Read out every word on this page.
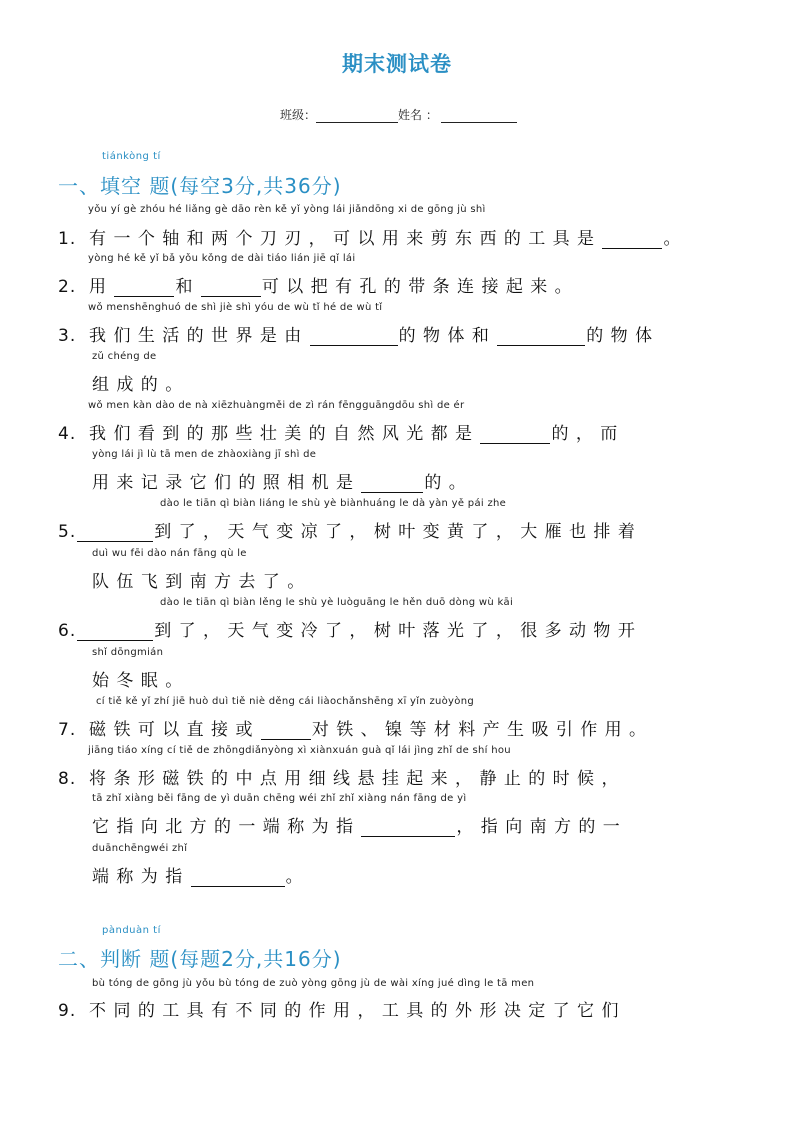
期末测试卷
班级：	姓名 ：
tiánkòng tí
一、填空 题(每空3分,共36分)
yǒu yí gè zhóu hé liǎng gè dāo rèn kě yǐ yòng lái jiǎndōng xi de gōng jù shì
1. 有一个轴和两个刀刃，可以用来剪东西的工具是	。
yòng hé kě yǐ bǎ yǒu kǒng de dài tiáo lián jiē qǐ lái
2. 用	和	可以把有孔的带条连接起来。
wǒ menshēnghuó de shì jiè shì yóu de wù tǐ hé de wù tǐ
3. 我们生活的世界是由	的物体和	的物体
zǔ chéng de
组成的。
wǒ men kàn dào de nà xiēzhuàngměi de zì rán fēngguāngdōu shì de ér
4. 我们看到的那些壮美的自然风光都是	的，而
yòng lái jì lù tā men de zhàoxiàng jī shì de
用来记录它们的照相机是	的。
dào le tiān qì biàn liáng le shù yè biànhuáng le dà yàn yě pái zhe
5.	到了，天气变凉了，树叶变黄了，大雁也排着
duì wu fēi dào nán fāng qù le
队伍飞到南方去了。
dào le tiān qì biàn lěng le shù yè luòguāng le hěn duō dòng wù kāi
6.	到了，天气变冷了，树叶落光了，很多动物开
shǐ dōngmián
始冬眠。
cí tiě kě yǐ zhí jiē huò duì tiě niè děng cái liàochǎnshēng xī yǐn zuòyòng
7. 磁铁可以直接或	对铁、镍等材料产生吸引作用。
jiāng tiáo xíng cí tiě de zhōngdiǎnyòng xì xiànxuán guà qǐ lái jìng zhǐ de shí hou
8. 将条形磁铁的中点用细线悬挂起来，静止的时候，
tā zhǐ xiàng běi fāng de yì duān chēng wéi zhǐ zhǐ xiàng nán fāng de yì
它指向北方的一端称为指	，指向南方的一
duānchēngwéi zhǐ
端称为指	。
pànduàn tí
二、判断 题(每题2分,共16分)
bù tóng de gōng jù yǒu bù tóng de zuò yòng gōng jù de wài xíng jué dìng le tā men
9. 不同的工具有不同的作用，工具的外形决定了它们
